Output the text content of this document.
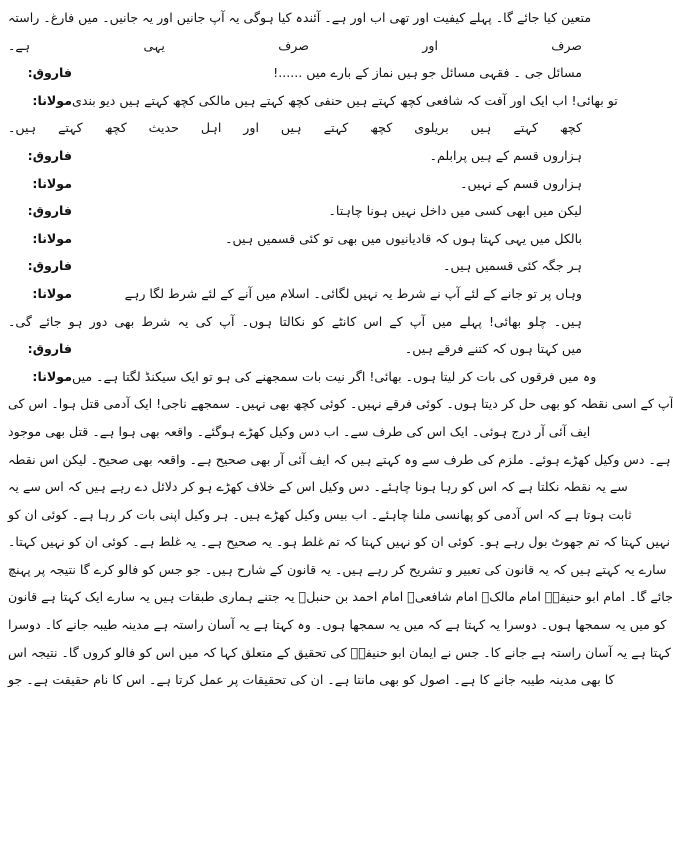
متعین کیا جائے گا۔ پہلے کیفیت اور تھی اب اور ہے۔ آئندہ کیا ہوگی یہ آپ جانیں اور یہ جانیں۔ میں فارغ۔ راستہ
صرف اور صرف یہی ہے۔
فاروق :	مسائل جی ۔ فقہی مسائل جو ہیں نماز کے بارے میں ......!
مولانا : تو بھائی! اب ایک اور آفت کہ شافعی کچھ کہتے ہیں حنفی کچھ کہتے ہیں مالکی کچھ کہتے ہیں دیو بندی
کچھ کہتے ہیں بریلوی کچھ کہتے ہیں اور اہل حدیث کچھ کہتے ہیں۔
فاروق :	ہزاروں قسم کے ہیں پرابلم۔
مولانا :	ہزاروں قسم کے نہیں۔
فاروق :	لیکن میں ابھی کسی میں داخل نہیں ہونا چاہتا۔
مولانا :	بالکل میں یہی کہتا ہوں کہ قادیانیوں میں بھی تو کئی قسمیں ہیں۔
فاروق :	ہر جگہ کئی قسمیں ہیں۔
مولانا :	وہاں پر تو جانے کے لئے آپ نے شرط یہ نہیں لگائی۔ اسلام میں آنے کے لئے شرط لگا رہے
ہیں۔ چلو بھائی! پہلے میں آپ کے اس کانٹے کو نکالتا ہوں۔ آپ کی یہ شرط بھی دور ہو جائے گی۔
فاروق :	میں کہتا ہوں کہ کتنے فرقے ہیں۔
مولانا : وہ میں فرقوں کی بات کر لیتا ہوں۔ بھائی! اگر نیت بات سمجھنے کی ہو تو ایک سیکنڈ لگتا ہے۔ میں
آپ کے اسی نقطہ کو بھی حل کر دیتا ہوں۔ کوئی فرقے نہیں۔ کوئی کچھ بھی نہیں۔ سمجھے ناجی! ایک آدمی قتل ہوا۔ اس کی
ایف آئی آر درج ہوئی۔ ایک اس کی طرف سے۔ اب دس وکیل کھڑے ہوگئے۔ واقعہ بھی ہوا ہے۔ قتل بھی موجود
ہے۔ دس وکیل کھڑے ہوئے۔ ملزم کی طرف سے وہ کہتے ہیں کہ ایف آئی آر بھی صحیح ہے۔ واقعہ بھی صحیح۔ لیکن اس نقطہ
سے یہ نقطہ نکلتا ہے کہ اس کو رہا ہونا چاہئے۔ دس وکیل اس کے خلاف کھڑے ہو کر دلائل دے رہے ہیں کہ اس سے یہ
ثابت ہوتا ہے کہ اس آدمی کو پھانسی ملنا چاہئے۔ اب بیس وکیل کھڑے ہیں۔ ہر وکیل اپنی بات کر رہا ہے۔ کوئی ان کو
نہیں کہتا کہ تم جھوٹ بول رہے ہو۔ کوئی ان کو نہیں کہتا کہ تم غلط ہو۔ یہ صحیح ہے۔ یہ غلط ہے۔ کوئی ان کو نہیں کہتا۔
سارے یہ کہتے ہیں کہ یہ قانون کی تعبیر و تشریح کر رہے ہیں۔ یہ قانون کے شارح ہیں۔ جو جس کو فالو کرے گا نتیجہ پر پہنچ
جائے گا۔ امام ابو حنیفہؒ امام مالکؒ امام شافعیؒ امام احمد بن حنبلؒ یہ جتنے ہماری طبقات ہیں یہ سارے ایک کہتا ہے قانون
کو میں یہ سمجھا ہوں۔ دوسرا یہ کہتا ہے کہ میں یہ سمجھا ہوں۔ وہ کہتا ہے یہ آسان راستہ ہے مدینہ طیبہ جانے کا۔ دوسرا
کہتا ہے یہ آسان راستہ ہے جانے کا۔ جس نے ایمان ابو حنیفہؒ کی تحقیق کے متعلق کہا کہ میں اس کو فالو کروں گا۔ نتیجہ اس
کا بھی مدینہ طیبہ جانے کا ہے۔ اصول کو بھی مانتا ہے۔ ان کی تحقیقات پر عمل کرتا ہے۔ اس کا نام حقیقت ہے۔ جو
